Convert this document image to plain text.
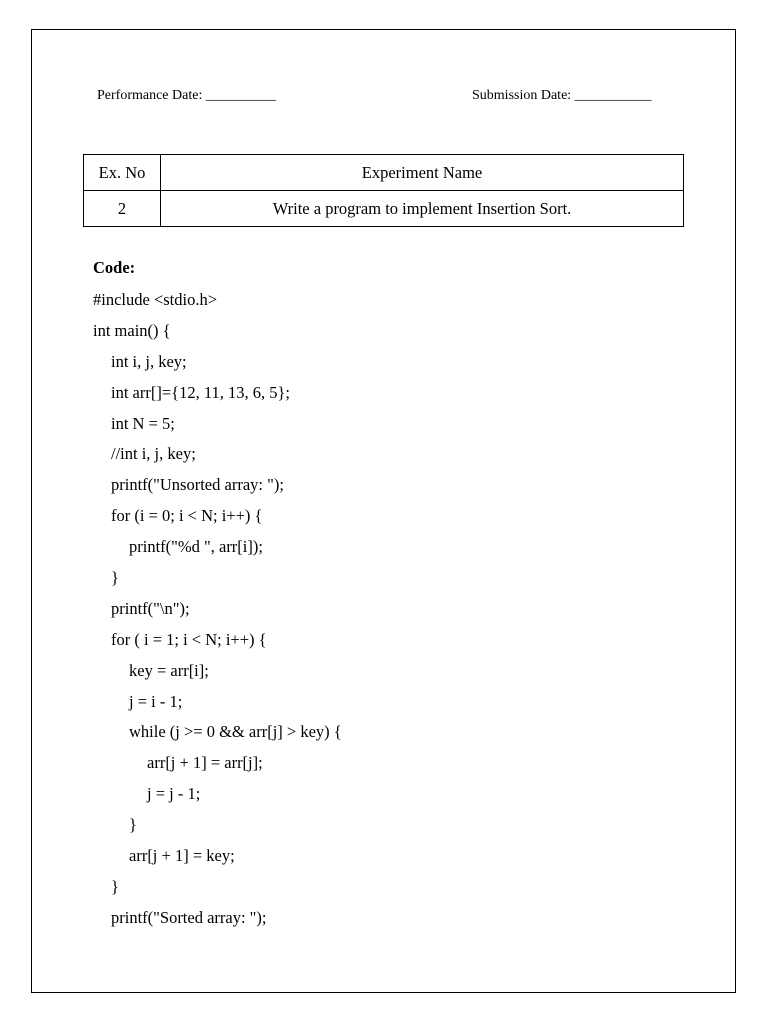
Performance Date: __________	Submission Date: ___________
Ex. No	Experiment Name
2	Write a program to implement Insertion Sort.
Code:
#include <stdio.h>
int main() {
int i, j, key;
int arr[]={12, 11, 13, 6, 5};
int N = 5;
//int i, j, key;
printf("Unsorted array: ");
for (i = 0; i < N; i++) {
printf("%d ", arr[i]);
}
printf("\n");
for ( i = 1; i < N; i++) {
key = arr[i];
j = i - 1;
while (j >= 0 && arr[j] > key) {
arr[j + 1] = arr[j];
j = j - 1;
}
arr[j + 1] = key;
}
printf("Sorted array: ");
